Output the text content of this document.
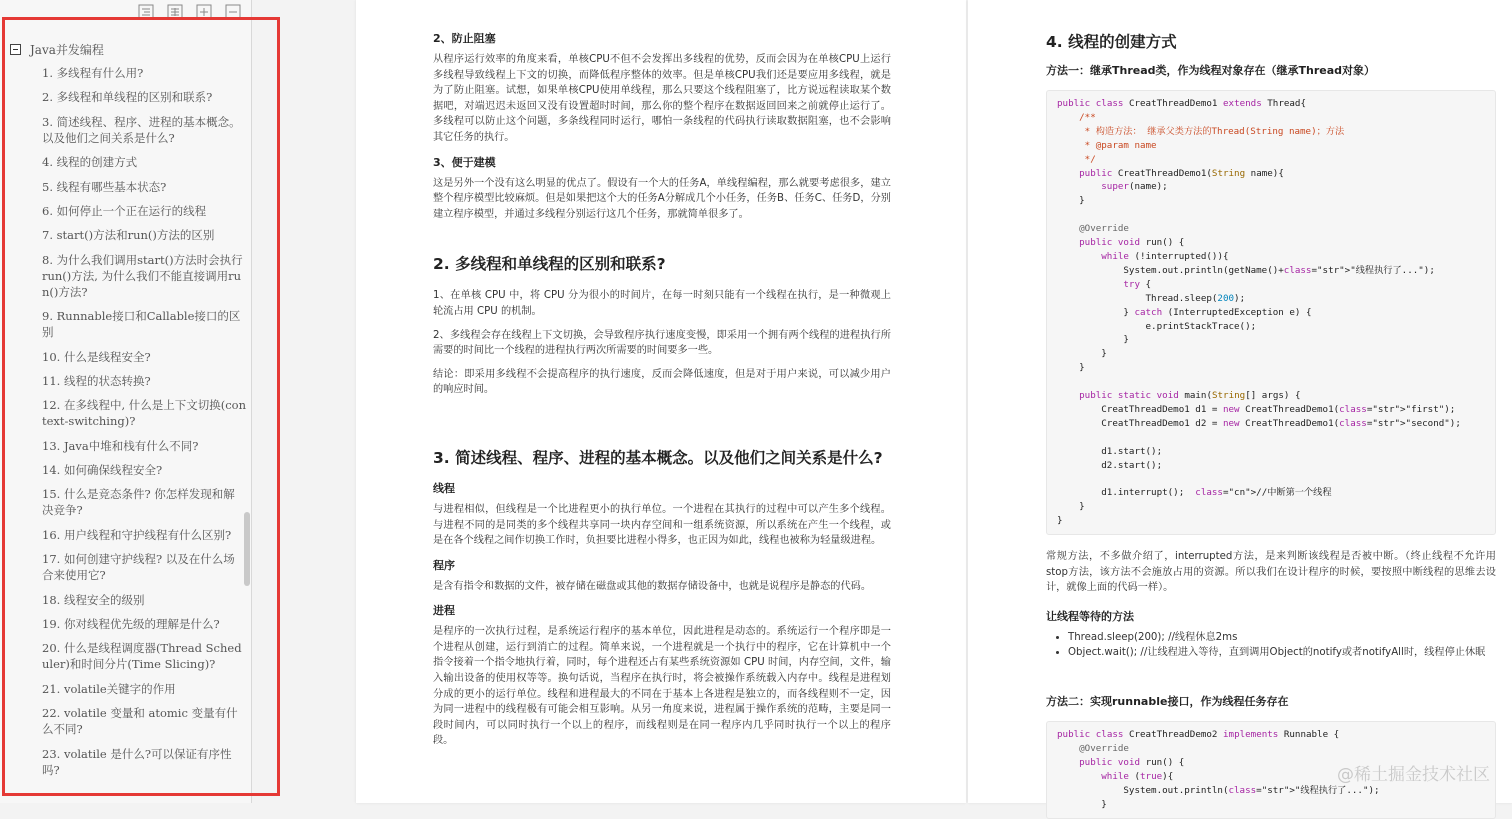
Java并发编程
1. 多线程有什么用?
2. 多线程和单线程的区别和联系?
3. 简述线程、程序、进程的基本概念。以及他们之间关系是什么?
4. 线程的创建方式
5. 线程有哪些基本状态?
6. 如何停止一个正在运行的线程
7. start()方法和run()方法的区别
8. 为什么我们调用start()方法时会执行run()方法, 为什么我们不能直接调用run()方法?
9. Runnable接口和Callable接口的区别
10. 什么是线程安全?
11. 线程的状态转换?
12. 在多线程中, 什么是上下文切换(context-switching)?
13. Java中堆和栈有什么不同?
14. 如何确保线程安全?
15. 什么是竞态条件? 你怎样发现和解决竞争?
16. 用户线程和守护线程有什么区别?
17. 如何创建守护线程? 以及在什么场合来使用它?
18. 线程安全的级别
19. 你对线程优先级的理解是什么?
20. 什么是线程调度器(Thread Scheduler)和时间分片(Time Slicing)?
21. volatile关键字的作用
22. volatile 变量和 atomic 变量有什么不同?
23. volatile 是什么?可以保证有序性吗?
2、防止阻塞

从程序运行效率的角度来看，单核CPU不但不会发挥出多线程的优势，反而会因为在单核CPU上运行多线程导致线程上下文的切换，而降低程序整体的效率。但是单核CPU我们还是要应用多线程，就是为了防止阻塞。试想，如果单核CPU使用单线程，那么只要这个线程阻塞了，比方说远程读取某个数据吧，对端迟迟未返回又没有设置超时时间，那么你的整个程序在数据返回回来之前就停止运行了。多线程可以防止这个问题，多条线程同时运行，哪怕一条线程的代码执行读取数据阻塞，也不会影响其它任务的执行。

3、便于建模

这是另外一个没有这么明显的优点了。假设有一个大的任务A，单线程编程，那么就要考虑很多，建立整个程序模型比较麻烦。但是如果把这个大的任务A分解成几个小任务，任务B、任务C、任务D，分别建立程序模型，并通过多线程分别运行这几个任务，那就简单很多了。

2. 多线程和单线程的区别和联系?

1、在单核 CPU 中，将 CPU 分为很小的时间片，在每一时刻只能有一个线程在执行，是一种微观上轮流占用 CPU 的机制。

2、多线程会存在线程上下文切换，会导致程序执行速度变慢，即采用一个拥有两个线程的进程执行所需要的时间比一个线程的进程执行两次所需要的时间要多一些。

结论：即采用多线程不会提高程序的执行速度，反而会降低速度，但是对于用户来说，可以减少用户的响应时间。

3. 简述线程、程序、进程的基本概念。以及他们之间关系是什么?
线程

与进程相似，但线程是一个比进程更小的执行单位。一个进程在其执行的过程中可以产生多个线程。与进程不同的是同类的多个线程共享同一块内存空间和一组系统资源，所以系统在产生一个线程，或是在各个线程之间作切换工作时，负担要比进程小得多，也正因为如此，线程也被称为轻量级进程。

程序

是含有指令和数据的文件，被存储在磁盘或其他的数据存储设备中，也就是说程序是静态的代码。

进程

是程序的一次执行过程，是系统运行程序的基本单位，因此进程是动态的。系统运行一个程序即是一个进程从创建，运行到消亡的过程。简单来说，一个进程就是一个执行中的程序，它在计算机中一个指令接着一个指令地执行着，同时，每个进程还占有某些系统资源如 CPU 时间，内存空间，文件，输入输出设备的使用权等等。换句话说，当程序在执行时，将会被操作系统载入内存中。线程是进程划分成的更小的运行单位。线程和进程最大的不同在于基本上各进程是独立的，而各线程则不一定，因为同一进程中的线程极有可能会相互影响。从另一角度来说，进程属于操作系统的范畴，主要是同一段时间内，可以同时执行一个以上的程序，而线程则是在同一程序内几乎同时执行一个以上的程序段。

4. 线程的创建方式
方法一：继承Thread类，作为线程对象存在（继承Thread对象）
public class CreatThreadDemo1 extends Thread{
/**
* 构造方法： 继承父类方法的Thread(String name)；方法
* @param name
*/
public CreatThreadDemo1(String name){
super(name);
}

@Override
public void run() {
while (!interrupted()){
System.out.println(getName()+class="str">"线程执行了...");
try {
Thread.sleep(200);
} catch (InterruptedException e) {
e.printStackTrace();
}
}
}

public static void main(String[] args) {
CreatThreadDemo1 d1 = new CreatThreadDemo1(class="str">"first");
CreatThreadDemo1 d2 = new CreatThreadDemo1(class="str">"second");

d1.start();
d2.start();

d1.interrupt();  class="cn">//中断第一个线程
}
}

常规方法，不多做介绍了，interrupted方法，是来判断该线程是否被中断。（终止线程不允许用stop方法，该方法不会施放占用的资源。所以我们在设计程序的时候，要按照中断线程的思维去设计，就像上面的代码一样）。

让线程等待的方法
• Thread.sleep(200); //线程休息2ms
• Object.wait(); //让线程进入等待，直到调用Object的notify或者notifyAll时，线程停止休眠
方法二：实现runnable接口，作为线程任务存在
public class CreatThreadDemo2 implements Runnable {
@Override
public void run() {
while (true){
System.out.println(class="str">"线程执行了...");
}
@稀土掘金技术社区
